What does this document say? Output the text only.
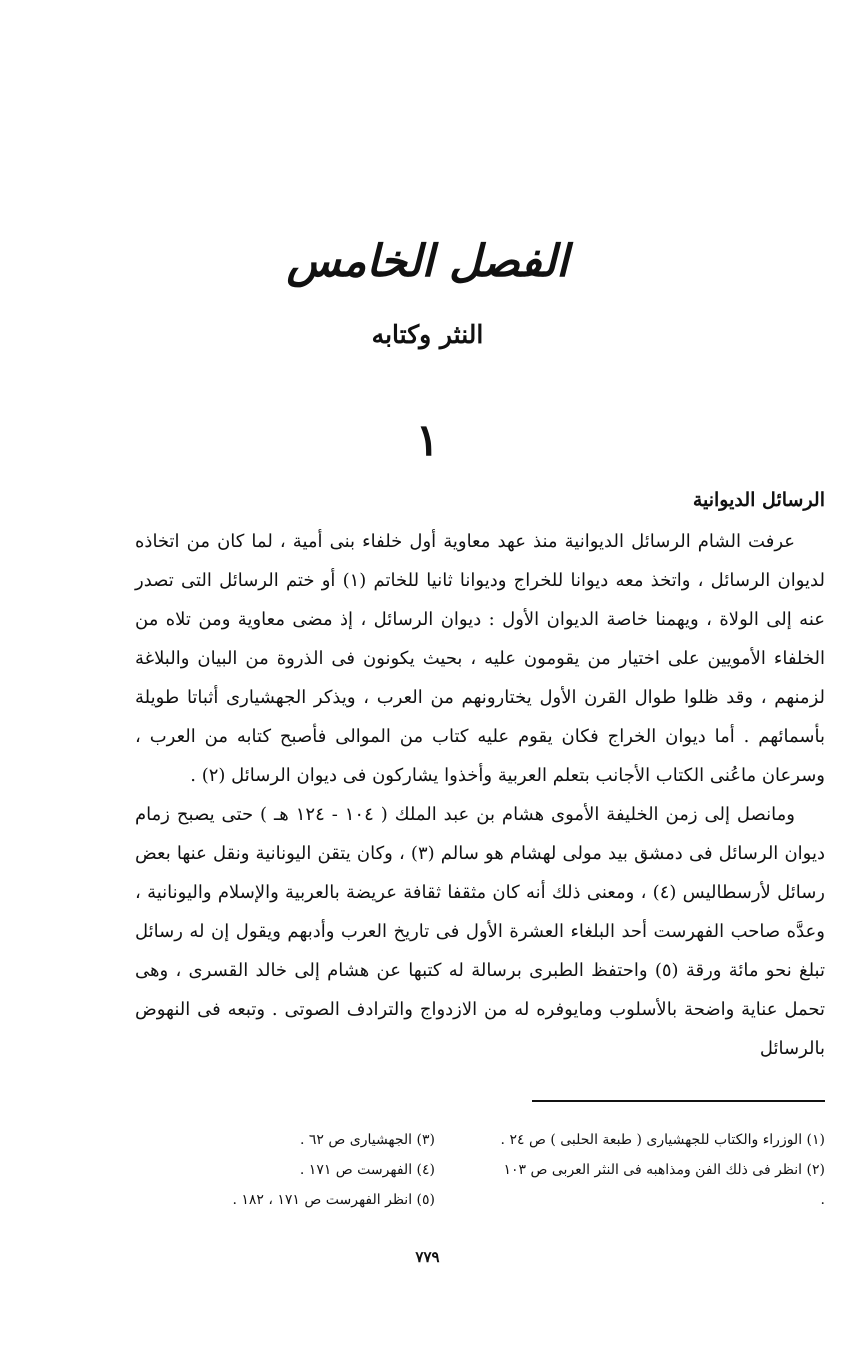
الفصل الخامس
النثر وكتابه
١
الرسائل الديوانية

عرفت الشام الرسائل الديوانية منذ عهد معاوية أول خلفاء بنى أمية ، لما كان من اتخاذه لديوان الرسائل ، واتخذ معه ديوانا للخراج وديوانا ثانيا للخاتم (١) أو ختم الرسائل التى تصدر عنه إلى الولاة ، ويهمنا خاصة الديوان الأول : ديوان الرسائل ، إذ مضى معاوية ومن تلاه من الخلفاء الأمويين على اختيار من يقومون عليه ، بحيث يكونون فى الذروة من البيان والبلاغة لزمنهم ، وقد ظلوا طوال القرن الأول يختارونهم من العرب ، ويذكر الجهشيارى أثباتا طويلة بأسمائهم . أما ديوان الخراج فكان يقوم عليه كتاب من الموالى فأصبح كتابه من العرب ، وسرعان ماعُنى الكتاب الأجانب بتعلم العربية وأخذوا يشاركون فى ديوان الرسائل (٢) .

ومانصل إلى زمن الخليفة الأموى هشام بن عبد الملك ( ١٠٤ - ١٢٤ هـ ) حتى يصبح زمام ديوان الرسائل فى دمشق بيد مولى لهشام هو سالم (٣) ، وكان يتقن اليونانية ونقل عنها بعض رسائل لأرسطاليس (٤) ، ومعنى ذلك أنه كان مثقفا ثقافة عريضة بالعربية والإسلام واليونانية ، وعدَّه صاحب الفهرست أحد البلغاء العشرة الأول فى تاريخ العرب وأدبهم ويقول إن له رسائل تبلغ نحو مائة ورقة (٥) واحتفظ الطبرى برسالة له كتبها عن هشام إلى خالد القسرى ، وهى تحمل عناية واضحة بالأسلوب ومايوفره له من الازدواج والترادف الصوتى . وتبعه فى النهوض بالرسائل

(١) الوزراء والكتاب للجهشيارى ( طبعة الحلبى ) ص ٢٤ .

(٢) انظر فى ذلك الفن ومذاهبه فى النثر العربى ص ١٠٣ .

(٣) الجهشيارى ص ٦٢ .

(٤) الفهرست ص ١٧١ .

(٥) انظر الفهرست ص ١٧١ ، ١٨٢ .

٧٧٩
